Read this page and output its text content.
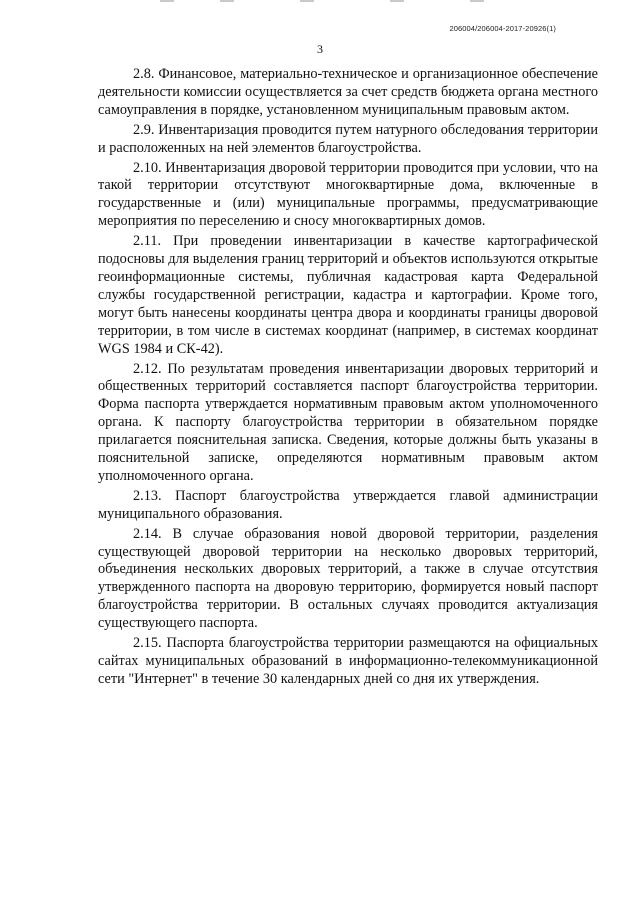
206004/206004-2017-20926(1)
3

2.8. Финансовое, материально-техническое и организационное обеспечение деятельности комиссии осуществляется за счет средств бюджета органа местного самоуправления в порядке, установленном муниципальным правовым актом.

2.9. Инвентаризация проводится путем натурного обследования территории и расположенных на ней элементов благоустройства.

2.10. Инвентаризация дворовой территории проводится при условии, что на такой территории отсутствуют многоквартирные дома, включенные в государственные и (или) муниципальные программы, предусматривающие мероприятия по переселению и сносу многоквартирных домов.

2.11. При проведении инвентаризации в качестве картографической подосновы для выделения границ территорий и объектов используются открытые геоинформационные системы, публичная кадастровая карта Федеральной службы государственной регистрации, кадастра и картографии. Кроме того, могут быть нанесены координаты центра двора и координаты границы дворовой территории, в том числе в системах координат (например, в системах координат WGS 1984 и СК-42).

2.12. По результатам проведения инвентаризации дворовых территорий и общественных территорий составляется паспорт благоустройства территории. Форма паспорта утверждается нормативным правовым актом уполномоченного органа. К паспорту благоустройства территории в обязательном порядке прилагается пояснительная записка. Сведения, которые должны быть указаны в пояснительной записке, определяются нормативным правовым актом уполномоченного органа.

2.13. Паспорт благоустройства утверждается главой администрации муниципального образования.

2.14. В случае образования новой дворовой территории, разделения существующей дворовой территории на несколько дворовых территорий, объединения нескольких дворовых территорий, а также в случае отсутствия утвержденного паспорта на дворовую территорию, формируется новый паспорт благоустройства территории. В остальных случаях проводится актуализация существующего паспорта.

2.15. Паспорта благоустройства территории размещаются на официальных сайтах муниципальных образований в информационно-телекоммуникационной сети "Интернет" в течение 30 календарных дней со дня их утверждения.
